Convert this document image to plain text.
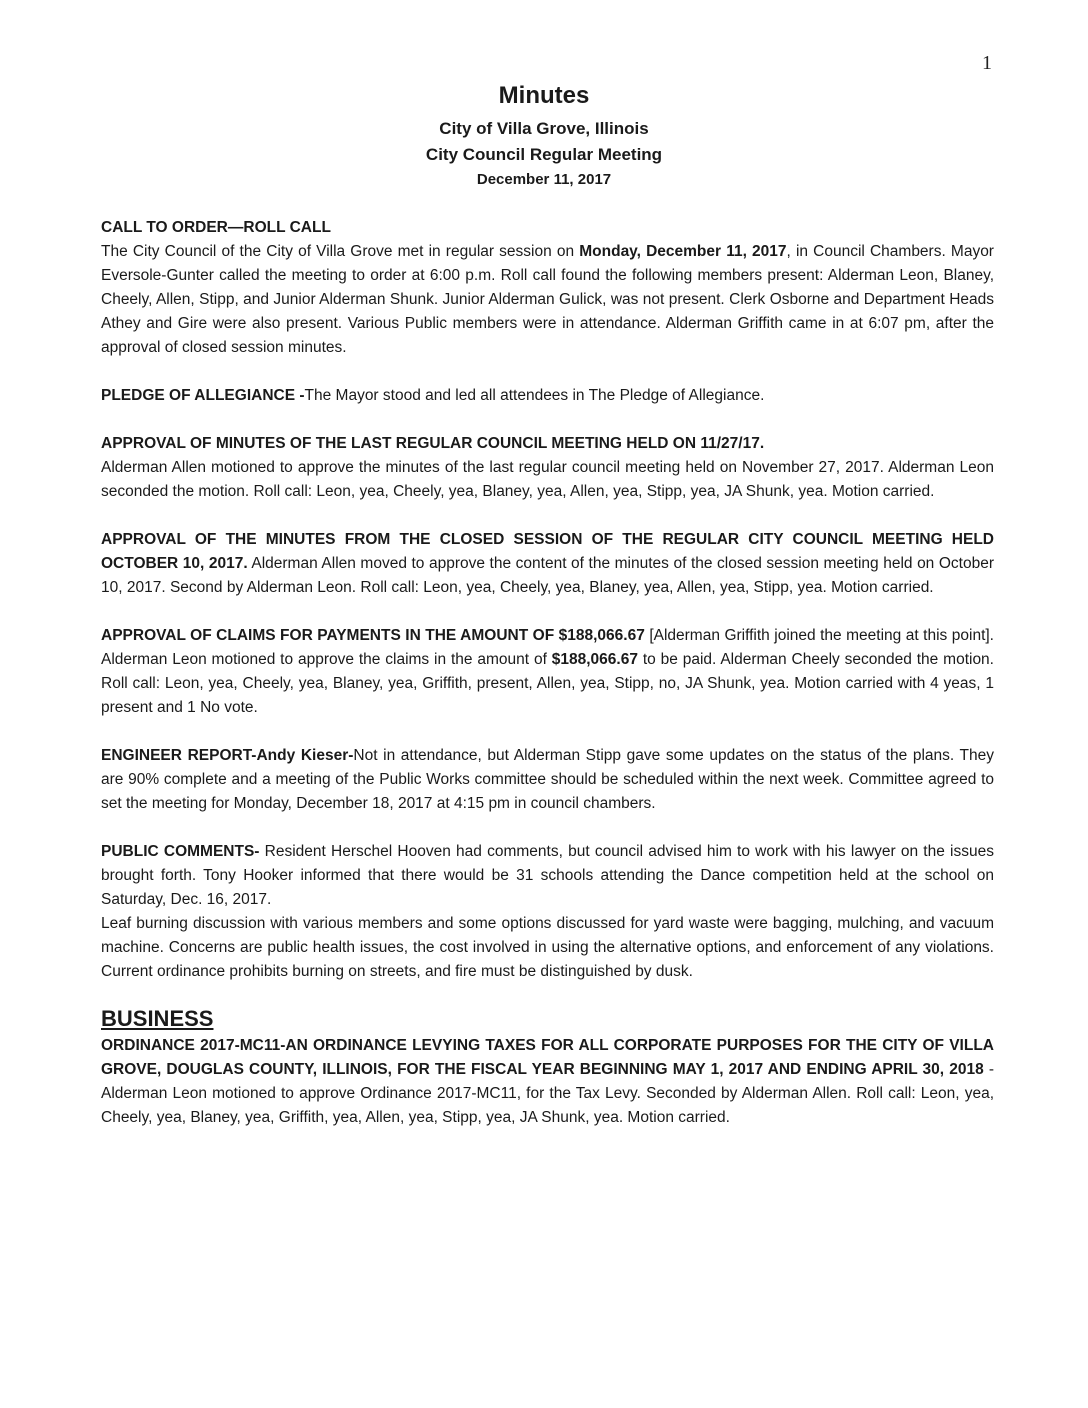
1
Minutes
City of Villa Grove, Illinois
City Council Regular Meeting
December 11, 2017
CALL TO ORDER—ROLL CALL

The City Council of the City of Villa Grove met in regular session on Monday, December 11, 2017, in Council Chambers. Mayor Eversole-Gunter called the meeting to order at 6:00 p.m. Roll call found the following members present: Alderman Leon, Blaney, Cheely, Allen, Stipp, and Junior Alderman Shunk. Junior Alderman Gulick, was not present. Clerk Osborne and Department Heads Athey and Gire were also present. Various Public members were in attendance. Alderman Griffith came in at 6:07 pm, after the approval of closed session minutes.

PLEDGE OF ALLEGIANCE -The Mayor stood and led all attendees in The Pledge of Allegiance.

APPROVAL OF MINUTES OF THE LAST REGULAR COUNCIL MEETING HELD ON 11/27/17.

Alderman Allen motioned to approve the minutes of the last regular council meeting held on November 27, 2017. Alderman Leon seconded the motion. Roll call: Leon, yea, Cheely, yea, Blaney, yea, Allen, yea, Stipp, yea, JA Shunk, yea. Motion carried.

APPROVAL OF THE MINUTES FROM THE CLOSED SESSION OF THE REGULAR CITY COUNCIL MEETING HELD OCTOBER 10, 2017. Alderman Allen moved to approve the content of the minutes of the closed session meeting held on October 10, 2017. Second by Alderman Leon. Roll call: Leon, yea, Cheely, yea, Blaney, yea, Allen, yea, Stipp, yea. Motion carried.

APPROVAL OF CLAIMS FOR PAYMENTS IN THE AMOUNT OF $188,066.67 [Alderman Griffith joined the meeting at this point]. Alderman Leon motioned to approve the claims in the amount of $188,066.67 to be paid. Alderman Cheely seconded the motion. Roll call: Leon, yea, Cheely, yea, Blaney, yea, Griffith, present, Allen, yea, Stipp, no, JA Shunk, yea. Motion carried with 4 yeas, 1 present and 1 No vote.

ENGINEER REPORT-Andy Kieser-Not in attendance, but Alderman Stipp gave some updates on the status of the plans. They are 90% complete and a meeting of the Public Works committee should be scheduled within the next week. Committee agreed to set the meeting for Monday, December 18, 2017 at 4:15 pm in council chambers.

PUBLIC COMMENTS- Resident Herschel Hooven had comments, but council advised him to work with his lawyer on the issues brought forth. Tony Hooker informed that there would be 31 schools attending the Dance competition held at the school on Saturday, Dec. 16, 2017.

Leaf burning discussion with various members and some options discussed for yard waste were bagging, mulching, and vacuum machine. Concerns are public health issues, the cost involved in using the alternative options, and enforcement of any violations. Current ordinance prohibits burning on streets, and fire must be distinguished by dusk.

BUSINESS

ORDINANCE 2017-MC11-AN ORDINANCE LEVYING TAXES FOR ALL CORPORATE PURPOSES FOR THE CITY OF VILLA GROVE, DOUGLAS COUNTY, ILLINOIS, FOR THE FISCAL YEAR BEGINNING MAY 1, 2017 AND ENDING APRIL 30, 2018 - Alderman Leon motioned to approve Ordinance 2017-MC11, for the Tax Levy. Seconded by Alderman Allen. Roll call: Leon, yea, Cheely, yea, Blaney, yea, Griffith, yea, Allen, yea, Stipp, yea, JA Shunk, yea. Motion carried.
